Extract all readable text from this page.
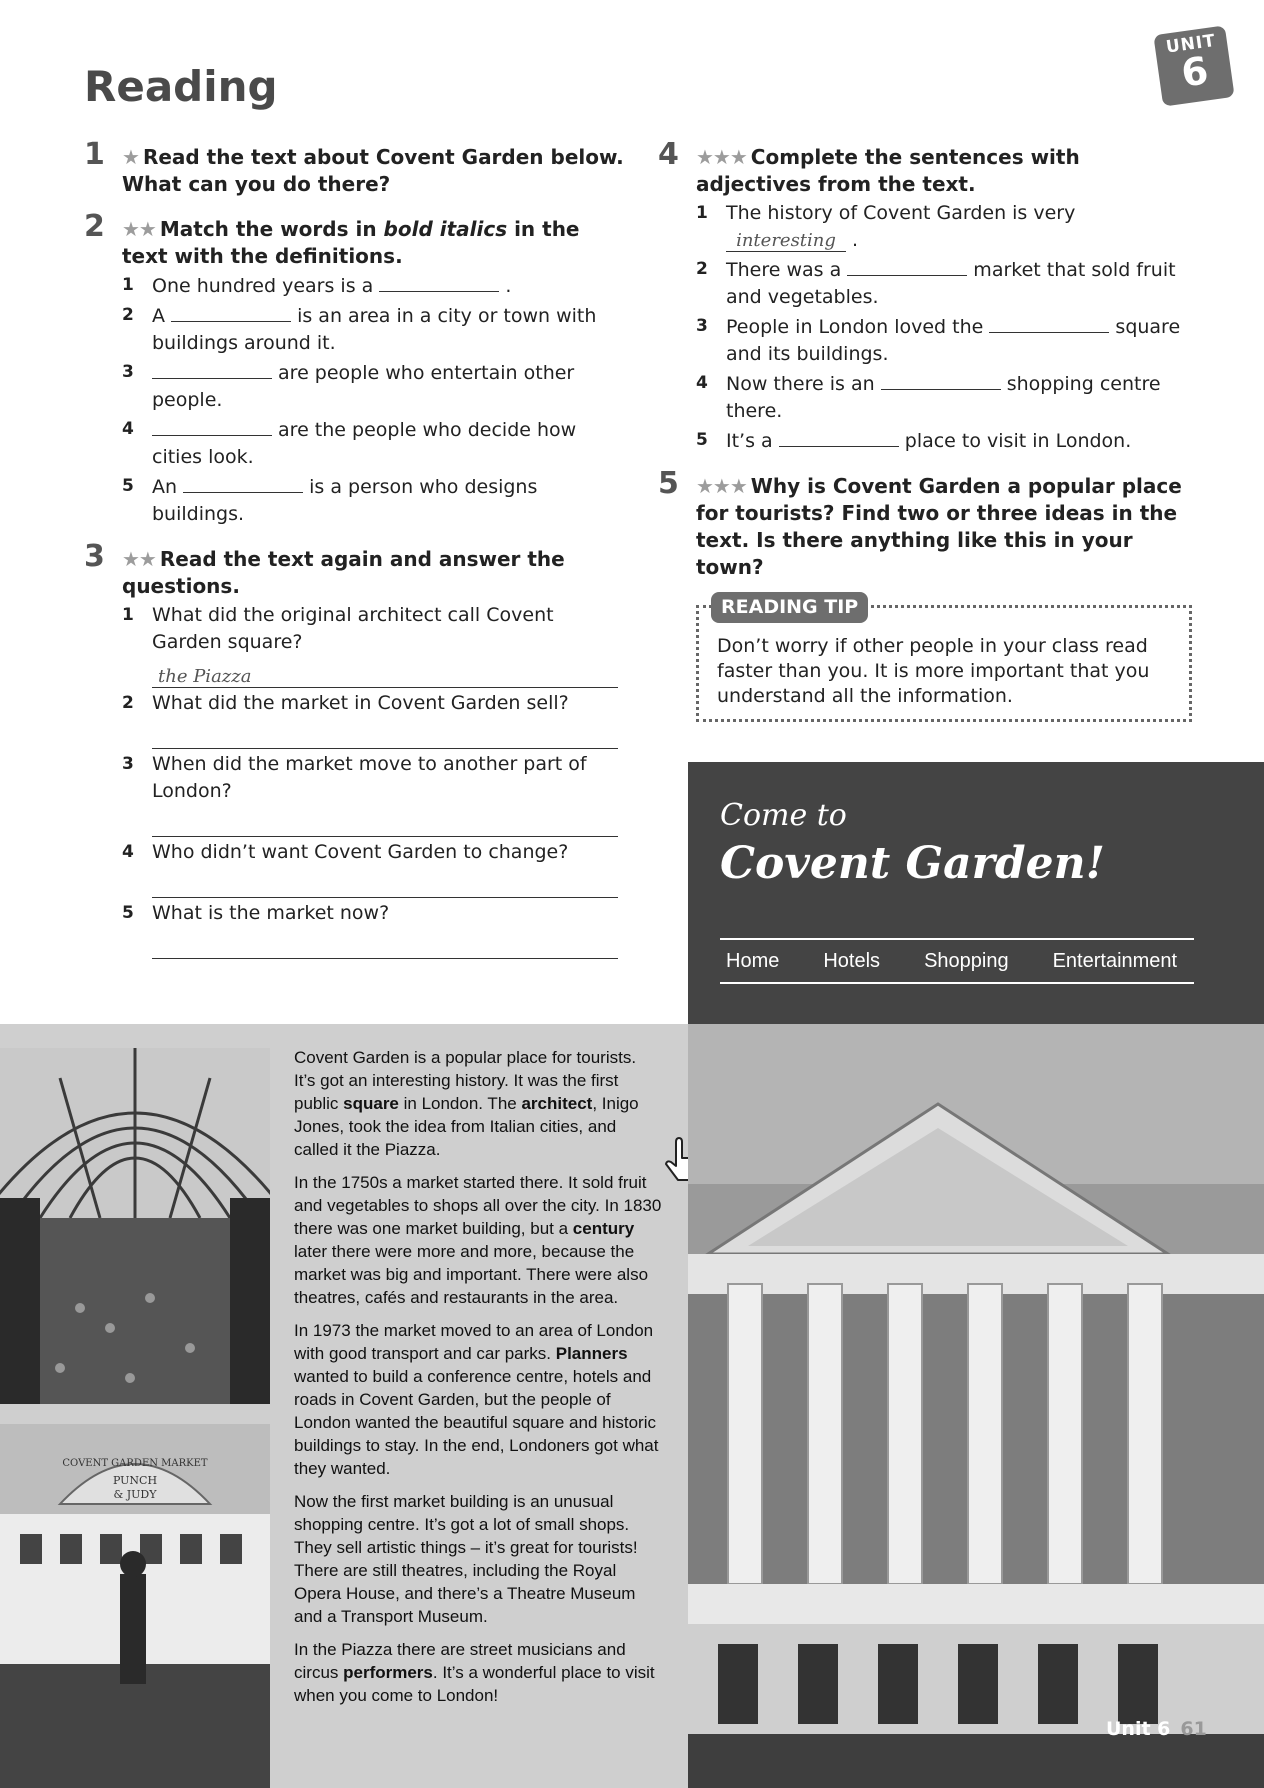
Reading
UNIT
6
1 ★ Read the text about Covent Garden below. What can you do there?
2 ★★ Match the words in bold italics in the text with the definitions.
1 One hundred years is a	.
2 A	is an area in a city or town with buildings around it.
3	are people who entertain other people.
4	are the people who decide how cities look.
5 An	is a person who designs buildings.
3 ★★ Read the text again and answer the questions.
1 What did the original architect call Covent Garden square?
the Piazza
2 What did the market in Covent Garden sell?
3 When did the market move to another part of London?
4 Who didn’t want Covent Garden to change?
5 What is the market now?
4 ★★★ Complete the sentences with adjectives from the text.
1 The history of Covent Garden is very interesting .
2 There was a	market that sold fruit and vegetables.
3 People in London loved the	square and its buildings.
4 Now there is an	shopping centre there.
5 It’s a	place to visit in London.
5 ★★★ Why is Covent Garden a popular place for tourists? Find two or three ideas in the text. Is there anything like this in your town?
READING TIP

Don’t worry if other people in your class read faster than you. It is more important that you understand all the information.

Come to
Covent Garden!
Home Hotels Shopping Entertainment
COVENT GARDEN MARKET
PUNCH
& JUDY

Covent Garden is a popular place for tourists. It’s got an interesting history. It was the first public square in London. The architect, Inigo Jones, took the idea from Italian cities, and called it the Piazza.

In the 1750s a market started there. It sold fruit and vegetables to shops all over the city. In 1830 there was one market building, but a century later there were more and more, because the market was big and important. There were also theatres, cafés and restaurants in the area.

In 1973 the market moved to an area of London with good transport and car parks. Planners wanted to build a conference centre, hotels and roads in Covent Garden, but the people of London wanted the beautiful square and historic buildings to stay. In the end, Londoners got what they wanted.

Now the first market building is an unusual shopping centre. It’s got a lot of small shops. They sell artistic things – it’s great for tourists! There are still theatres, including the Royal Opera House, and there’s a Theatre Museum and a Transport Museum.

In the Piazza there are street musicians and circus performers. It’s a wonderful place to visit when you come to London!

Unit 6 61
